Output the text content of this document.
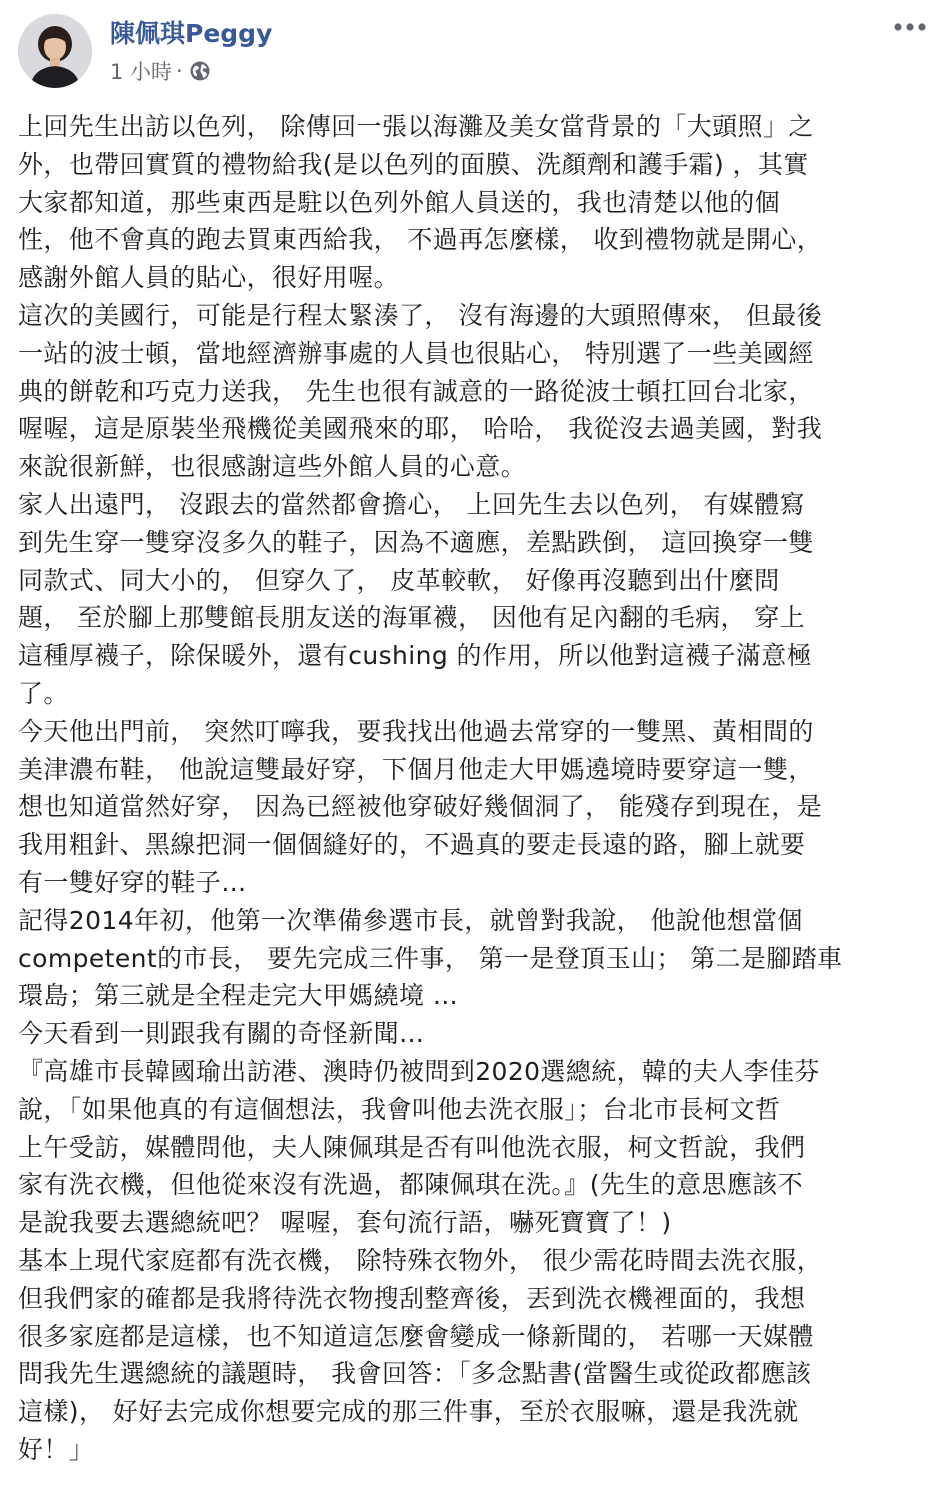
陳佩琪Peggy
1 小時 ·
上回先生出訪以色列， 除傳回一張以海灘及美女當背景的「大頭照」之
外，也帶回實質的禮物給我(是以色列的面膜、洗顏劑和護手霜) ，其實
大家都知道，那些東西是駐以色列外館人員送的，我也清楚以他的個
性，他不會真的跑去買東西給我， 不過再怎麼樣， 收到禮物就是開心，
感謝外館人員的貼心，很好用喔。
這次的美國行，可能是行程太緊湊了， 沒有海邊的大頭照傳來， 但最後
一站的波士頓，當地經濟辦事處的人員也很貼心， 特別選了一些美國經
典的餅乾和巧克力送我， 先生也很有誠意的一路從波士頓扛回台北家，
喔喔，這是原裝坐飛機從美國飛來的耶， 哈哈， 我從沒去過美國，對我
來說很新鮮，也很感謝這些外館人員的心意。
家人出遠門， 沒跟去的當然都會擔心， 上回先生去以色列， 有媒體寫
到先生穿一雙穿沒多久的鞋子，因為不適應，差點跌倒， 這回換穿一雙
同款式、同大小的， 但穿久了， 皮革較軟， 好像再沒聽到出什麼問
題， 至於腳上那雙館長朋友送的海軍襪， 因他有足內翻的毛病， 穿上
這種厚襪子，除保暖外，還有cushing 的作用，所以他對這襪子滿意極
了。
今天他出門前， 突然叮嚀我，要我找出他過去常穿的一雙黑、黃相間的
美津濃布鞋， 他說這雙最好穿，下個月他走大甲媽遶境時要穿這一雙，
想也知道當然好穿， 因為已經被他穿破好幾個洞了， 能殘存到現在，是
我用粗針、黑線把洞一個個縫好的，不過真的要走長遠的路，腳上就要
有一雙好穿的鞋子…
記得2014年初，他第一次準備參選市長，就曾對我說， 他說他想當個
competent的市長， 要先完成三件事， 第一是登頂玉山； 第二是腳踏車
環島；第三就是全程走完大甲媽繞境 …
今天看到一則跟我有關的奇怪新聞…
『高雄市長韓國瑜出訪港、澳時仍被問到2020選總統，韓的夫人李佳芬
說，「如果他真的有這個想法，我會叫他去洗衣服」；台北市長柯文哲
上午受訪，媒體問他，夫人陳佩琪是否有叫他洗衣服，柯文哲說，我們
家有洗衣機，但他從來沒有洗過，都陳佩琪在洗。』(先生的意思應該不
是說我要去選總統吧？ 喔喔，套句流行語，嚇死寶寶了！)
基本上現代家庭都有洗衣機， 除特殊衣物外， 很少需花時間去洗衣服，
但我們家的確都是我將待洗衣物搜刮整齊後，丟到洗衣機裡面的，我想
很多家庭都是這樣，也不知道這怎麼會變成一條新聞的， 若哪一天媒體
問我先生選總統的議題時， 我會回答：「多念點書(當醫生或從政都應該
這樣)， 好好去完成你想要完成的那三件事，至於衣服嘛，還是我洗就
好！」
